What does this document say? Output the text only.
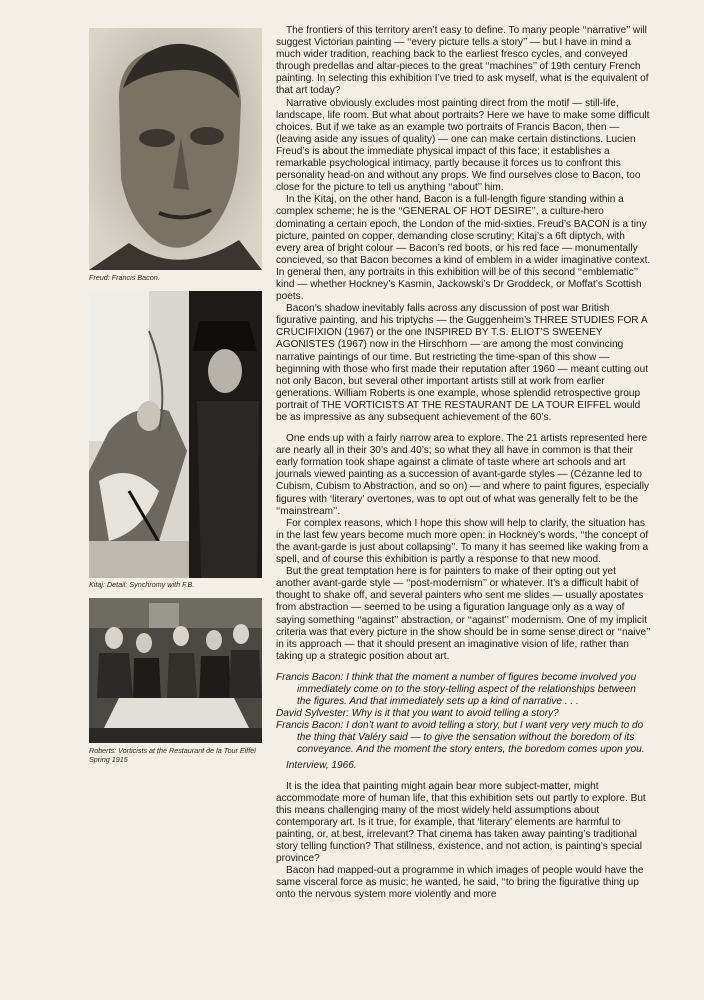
Freud: Francis Bacon.
Kitaj: Detail: Synchromy with F.B.
Roberts: Vorticists at the Restaurant de la Tour Eiffel
Spring 1915

The frontiers of this territory aren’t easy to define. To many people ‘‘narrative’’ will suggest Victorian painting — ‘‘every picture tells a story’’ — but I have in mind a much wider tradition, reaching back to the earliest fresco cycles, and conveyed through predellas and altar-pieces to the great ‘‘machines’’ of 19th century French painting. In selecting this exhibition I’ve tried to ask myself, what is the equivalent of that art today?

Narrative obviously excludes most painting direct from the motif — still-life, landscape, life room. But what about portraits? Here we have to make some difficult choices. But if we take as an example two portraits of Francis Bacon, then — (leaving aside any issues of quality) — one can make certain distinctions. Lucien Freud’s is about the immediate physical impact of this face; it establishes a remarkable psychological intimacy, partly because it forces us to confront this personality head-on and without any props. We find ourselves close to Bacon, too close for the picture to tell us anything ‘‘about’’ him.

In the Kitaj, on the other hand, Bacon is a full-length figure standing within a complex scheme; he is the ‘‘GENERAL OF HOT DESIRE’’, a culture-hero dominating a certain epoch, the London of the mid-sixties. Freud’s BACON is a tiny picture, painted on copper, demanding close scrutiny; Kitaj’s a 6ft diptych, with every area of bright colour — Bacon’s red boots, or his red face — monumentally concieved, so that Bacon becomes a kind of emblem in a wider imaginative context. In general then, any portraits in this exhibition will be of this second ‘‘emblematic’’ kind — whether Hockney’s Kasmin, Jackowski’s Dr Groddeck, or Moffat’s Scottish poets.

Bacon’s shadow inevitably falls across any discussion of post war British figurative painting, and his triptychs — the Guggenheim’s THREE STUDIES FOR A CRUCIFIXION (1967) or the one INSPIRED BY T.S. ELIOT’S SWEENEY AGONISTES (1967) now in the Hirschhorn — are among the most convincing narrative paintings of our time. But restricting the time-span of this show — beginning with those who first made their reputation after 1960 — meant cutting out not only Bacon, but several other important artists still at work from earlier generations. William Roberts is one example, whose splendid retrospective group portrait of THE VORTICISTS AT THE RESTAURANT DE LA TOUR EIFFEL would be as impressive as any subsequent achievement of the 60’s.

One ends up with a fairly narrow area to explore. The 21 artists represented here are nearly all in their 30’s and 40’s; so what they all have in common is that their early formation took shape against a climate of taste where art schools and art journals viewed painting as a succession of avant-garde styles — (Cézanne led to Cubism, Cubism to Abstraction, and so on) — and where to paint figures, especially figures with ‘literary’ overtones, was to opt out of what was generally felt to be the ‘‘mainstream’’.

For complex reasons, which I hope this show will help to clarify, the situation has in the last few years become much more open: in Hockney’s words, ‘‘the concept of the avant-garde is just about collapsing’’. To many it has seemed like waking from a spell, and of course this exhibition is partly a response to that new mood.

But the great temptation here is for painters to make of their opting out yet another avant-garde style — ‘‘post-modernism’’ or whatever. It’s a difficult habit of thought to shake off, and several painters who sent me slides — usually apostates from abstraction — seemed to be using a figuration language only as a way of saying something ‘‘against’’ abstraction, or ‘‘against’’ modernism. One of my implicit criteria was that every picture in the show should be in some sense direct or ‘‘naive’’ in its approach — that it should present an imaginative vision of life, rather than taking up a strategic position about art.

Francis Bacon: I think that the moment a number of figures become involved you immediately come on to the story-telling aspect of the relationships between the figures. And that immediately sets up a kind of narrative . . .

David Sylvester: Why is it that you want to avoid telling a story?

Francis Bacon: I don’t want to avoid telling a story, but I want very very much to do the thing that Valéry said — to give the sensation without the boredom of its conveyance. And the moment the story enters, the boredom comes upon you.

Interview, 1966.

It is the idea that painting might again bear more subject-matter, might accommodate more of human life, that this exhibition sets out partly to explore. But this means challenging many of the most widely held assumptions about contemporary art. Is it true, for example, that ‘literary’ elements are harmful to painting, or, at best, irrelevant? That cinema has taken away painting’s traditional story telling function? That stillness, existence, and not action, is painting’s special province?

Bacon had mapped-out a programme in which images of people would have the same visceral force as music; he wanted, he said, ‘‘to bring the figurative thing up onto the nervous system more violently and more
